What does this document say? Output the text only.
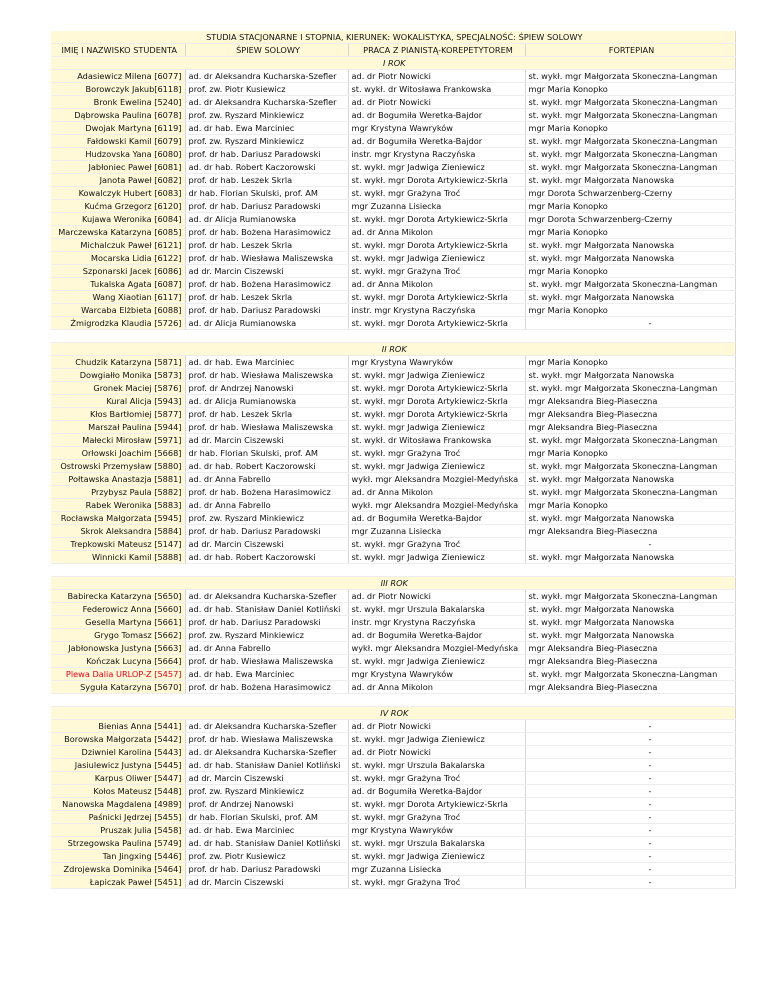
STUDIA STACJONARNE I STOPNIA, KIERUNEK: WOKALISTYKA, SPECJALNOŚĆ: ŚPIEW SOLOWY			
IMIĘ I NAZWISKO STUDENTA	ŚPIEW SOLOWY	PRACA Z PIANISTĄ-KOREPETYTOREM	FORTEPIAN
I ROK			
Adasiewicz Milena [6077]	ad. dr Aleksandra Kucharska-Szefler	ad. dr Piotr Nowicki	st. wykł. mgr Małgorzata Skoneczna-Langman
Borowczyk Jakub[6118]	prof. zw. Piotr Kusiewicz	st. wykł. dr Witosława Frankowska	mgr Maria Konopko
Bronk Ewelina [5240]	ad. dr Aleksandra Kucharska-Szefler	ad. dr Piotr Nowicki	st. wykł. mgr Małgorzata Skoneczna-Langman
Dąbrowska Paulina [6078]	prof. zw. Ryszard Minkiewicz	ad. dr Bogumiła Weretka-Bajdor	st. wykł. mgr Małgorzata Skoneczna-Langman
Dwojak Martyna [6119]	ad. dr hab. Ewa Marciniec	mgr Krystyna Wawryków	mgr Maria Konopko
Fałdowski Kamil [6079]	prof. zw. Ryszard Minkiewicz	ad. dr Bogumiła Weretka-Bajdor	st. wykł. mgr Małgorzata Skoneczna-Langman
Hudzovska Yana [6080]	prof. dr hab. Dariusz Paradowski	instr. mgr Krystyna Raczyńska	st. wykł. mgr Małgorzata Skoneczna-Langman
Jabłoniec Paweł [6081]	ad. dr hab. Robert Kaczorowski	st. wykł. mgr Jadwiga Zieniewicz	st. wykł. mgr Małgorzata Skoneczna-Langman
Janota Paweł [6082]	prof. dr hab. Leszek Skrla	st. wykł. mgr Dorota Artykiewicz-Skrla	st. wykł. mgr Małgorzata Nanowska
Kowalczyk Hubert [6083]	dr hab. Florian Skulski, prof. AM	st. wykł. mgr Grażyna Troć	mgr Dorota Schwarzenberg-Czerny
Kućma Grzegorz [6120]	prof. dr hab. Dariusz Paradowski	mgr Zuzanna Lisiecka	mgr Maria Konopko
Kujawa Weronika [6084]	ad. dr Alicja Rumianowska	st. wykł. mgr Dorota Artykiewicz-Skrla	mgr Dorota Schwarzenberg-Czerny
Marczewska Katarzyna [6085]	prof. dr hab. Bożena Harasimowicz	ad. dr Anna Mikolon	mgr Maria Konopko
Michalczuk Paweł [6121]	prof. dr hab. Leszek Skrla	st. wykł. mgr Dorota Artykiewicz-Skrla	st. wykł. mgr Małgorzata Nanowska
Mocarska Lidia [6122]	prof. dr hab. Wiesława Maliszewska	st. wykł. mgr Jadwiga Zieniewicz	st. wykł. mgr Małgorzata Nanowska
Szponarski Jacek [6086]	ad dr. Marcin Ciszewski	st. wykł. mgr Grażyna Troć	mgr Maria Konopko
Tukalska Agata [6087]	prof. dr hab. Bożena Harasimowicz	ad. dr Anna Mikolon	st. wykł. mgr Małgorzata Skoneczna-Langman
Wang Xiaotian [6117]	prof. dr hab. Leszek Skrla	st. wykł. mgr Dorota Artykiewicz-Skrla	st. wykł. mgr Małgorzata Nanowska
Warcaba Elżbieta [6088]	prof. dr hab. Dariusz Paradowski	instr. mgr Krystyna Raczyńska	mgr Maria Konopko
Żmigrodzka Klaudia [5726]	ad. dr Alicja Rumianowska	st. wykł. mgr Dorota Artykiewicz-Skrla	-

II ROK			
Chudzik Katarzyna [5871]	ad. dr hab. Ewa Marciniec	mgr Krystyna Wawryków	mgr Maria Konopko
Dowgiałło Monika [5873]	prof. dr hab. Wiesława Maliszewska	st. wykł. mgr Jadwiga Zieniewicz	st. wykł. mgr Małgorzata Nanowska
Gronek Maciej [5876]	prof. dr Andrzej Nanowski	st. wykł. mgr Dorota Artykiewicz-Skrla	st. wykł. mgr Małgorzata Skoneczna-Langman
Kural Alicja [5943]	ad. dr Alicja Rumianowska	st. wykł. mgr Dorota Artykiewicz-Skrla	mgr Aleksandra Bieg-Piaseczna
Kłos Bartłomiej [5877]	prof. dr hab. Leszek Skrla	st. wykł. mgr Dorota Artykiewicz-Skrla	mgr Aleksandra Bieg-Piaseczna
Marszał Paulina [5944]	prof. dr hab. Wiesława Maliszewska	st. wykł. mgr Jadwiga Zieniewicz	mgr Aleksandra Bieg-Piaseczna
Małecki Mirosław [5971]	ad dr. Marcin Ciszewski	st. wykł. dr Witosława Frankowska	st. wykł. mgr Małgorzata Skoneczna-Langman
Orłowski Joachim [5668]	dr hab. Florian Skulski, prof. AM	st. wykł. mgr Grażyna Troć	mgr Maria Konopko
Ostrowski Przemysław [5880]	ad. dr hab. Robert Kaczorowski	st. wykł. mgr Jadwiga Zieniewicz	st. wykł. mgr Małgorzata Skoneczna-Langman
Połtawska Anastazja [5881]	ad. dr Anna Fabrello	wykł. mgr Aleksandra Mozgiel-Medyńska	st. wykł. mgr Małgorzata Nanowska
Przybysz Paula [5882]	prof. dr hab. Bożena Harasimowicz	ad. dr Anna Mikolon	st. wykł. mgr Małgorzata Skoneczna-Langman
Rabek Weronika [5883]	ad. dr Anna Fabrello	wykł. mgr Aleksandra Mozgiel-Medyńska	mgr Maria Konopko
Rocławska Małgorzata [5945]	prof. zw. Ryszard Minkiewicz	ad. dr Bogumiła Weretka-Bajdor	st. wykł. mgr Małgorzata Nanowska
Skrok Aleksandra [5884]	prof. dr hab. Dariusz Paradowski	mgr Zuzanna Lisiecka	mgr Aleksandra Bieg-Piaseczna
Trepkowski Mateusz [5147]	ad dr. Marcin Ciszewski	st. wykł. mgr Grażyna Troć	-
Winnicki Kamil [5888]	ad. dr hab. Robert Kaczorowski	st. wykł. mgr Jadwiga Zieniewicz	st. wykł. mgr Małgorzata Nanowska

III ROK			
Babirecka Katarzyna [5650]	ad. dr Aleksandra Kucharska-Szefler	ad. dr Piotr Nowicki	st. wykł. mgr Małgorzata Skoneczna-Langman
Federowicz Anna [5660]	ad. dr hab. Stanisław Daniel Kotliński	st. wykł. mgr Urszula Bakalarska	st. wykł. mgr Małgorzata Nanowska
Gesella Martyna [5661]	prof. dr hab. Dariusz Paradowski	instr. mgr Krystyna Raczyńska	st. wykł. mgr Małgorzata Nanowska
Grygo Tomasz [5662]	prof. zw. Ryszard Minkiewicz	ad. dr Bogumiła Weretka-Bajdor	st. wykł. mgr Małgorzata Nanowska
Jabłonowska Justyna [5663]	ad. dr Anna Fabrello	wykł. mgr Aleksandra Mozgiel-Medyńska	mgr Aleksandra Bieg-Piaseczna
Kończak Lucyna [5664]	prof. dr hab. Wiesława Maliszewska	st. wykł. mgr Jadwiga Zieniewicz	mgr Aleksandra Bieg-Piaseczna
Plewa Dalia URLOP-Z [5457]	ad. dr hab. Ewa Marciniec	mgr Krystyna Wawryków	st. wykł. mgr Małgorzata Skoneczna-Langman
Syguła Katarzyna [5670]	prof. dr hab. Bożena Harasimowicz	ad. dr Anna Mikolon	mgr Aleksandra Bieg-Piaseczna

IV ROK			
Bienias Anna [5441]	ad. dr Aleksandra Kucharska-Szefler	ad. dr Piotr Nowicki	-
Borowska Małgorzata [5442]	prof. dr hab. Wiesława Maliszewska	st. wykł. mgr Jadwiga Zieniewicz	-
Dziwniel Karolina [5443]	ad. dr Aleksandra Kucharska-Szefler	ad. dr Piotr Nowicki	-
Jasiulewicz Justyna [5445]	ad. dr hab. Stanisław Daniel Kotliński	st. wykł. mgr Urszula Bakalarska	-
Karpus Oliwer [5447]	ad dr. Marcin Ciszewski	st. wykł. mgr Grażyna Troć	-
Kołos Mateusz [5448]	prof. zw. Ryszard Minkiewicz	ad. dr Bogumiła Weretka-Bajdor	-
Nanowska Magdalena [4989]	prof. dr Andrzej Nanowski	st. wykł. mgr Dorota Artykiewicz-Skrla	-
Paśnicki Jędrzej [5455]	dr hab. Florian Skulski, prof. AM	st. wykł. mgr Grażyna Troć	-
Pruszak Julia [5458]	ad. dr hab. Ewa Marciniec	mgr Krystyna Wawryków	-
Strzegowska Paulina [5749]	ad. dr hab. Stanisław Daniel Kotliński	st. wykł. mgr Urszula Bakalarska	-
Tan Jingxing [5446]	prof. zw. Piotr Kusiewicz	st. wykł. mgr Jadwiga Zieniewicz	-
Zdrojewska Dominika [5464]	prof. dr hab. Dariusz Paradowski	mgr Zuzanna Lisiecka	-
Łapiczak Paweł [5451]	ad dr. Marcin Ciszewski	st. wykł. mgr Grażyna Troć	-
